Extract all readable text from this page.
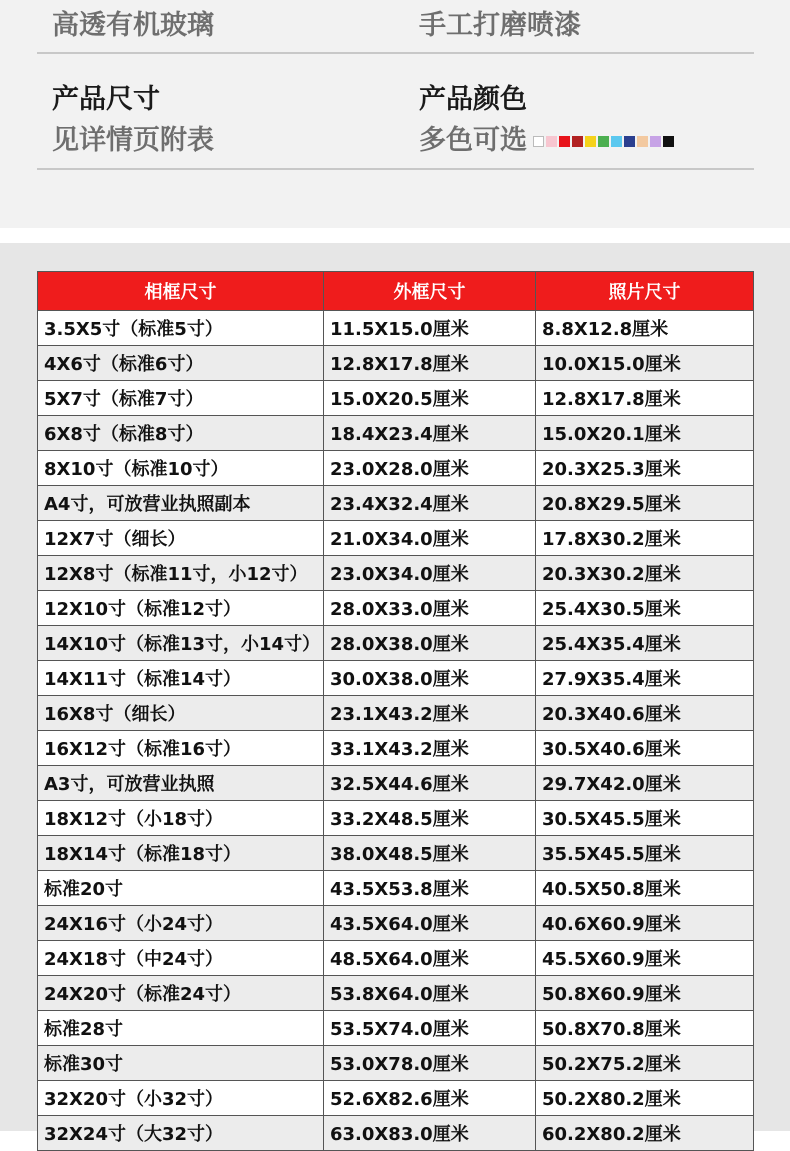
高透有机玻璃	手工打磨喷漆
产品尺寸
见详情页附表
产品颜色
多色可选
相框尺寸	外框尺寸	照片尺寸
3.5X5寸（标准5寸）	11.5X15.0厘米	8.8X12.8厘米
4X6寸（标准6寸）	12.8X17.8厘米	10.0X15.0厘米
5X7寸（标准7寸）	15.0X20.5厘米	12.8X17.8厘米
6X8寸（标准8寸）	18.4X23.4厘米	15.0X20.1厘米
8X10寸（标准10寸）	23.0X28.0厘米	20.3X25.3厘米
A4寸，可放营业执照副本	23.4X32.4厘米	20.8X29.5厘米
12X7寸（细长）	21.0X34.0厘米	17.8X30.2厘米
12X8寸（标准11寸，小12寸）	23.0X34.0厘米	20.3X30.2厘米
12X10寸（标准12寸）	28.0X33.0厘米	25.4X30.5厘米
14X10寸（标准13寸，小14寸）	28.0X38.0厘米	25.4X35.4厘米
14X11寸（标准14寸）	30.0X38.0厘米	27.9X35.4厘米
16X8寸（细长）	23.1X43.2厘米	20.3X40.6厘米
16X12寸（标准16寸）	33.1X43.2厘米	30.5X40.6厘米
A3寸，可放营业执照	32.5X44.6厘米	29.7X42.0厘米
18X12寸（小18寸）	33.2X48.5厘米	30.5X45.5厘米
18X14寸（标准18寸）	38.0X48.5厘米	35.5X45.5厘米
标准20寸	43.5X53.8厘米	40.5X50.8厘米
24X16寸（小24寸）	43.5X64.0厘米	40.6X60.9厘米
24X18寸（中24寸）	48.5X64.0厘米	45.5X60.9厘米
24X20寸（标准24寸）	53.8X64.0厘米	50.8X60.9厘米
标准28寸	53.5X74.0厘米	50.8X70.8厘米
标准30寸	53.0X78.0厘米	50.2X75.2厘米
32X20寸（小32寸）	52.6X82.6厘米	50.2X80.2厘米
32X24寸（大32寸）	63.0X83.0厘米	60.2X80.2厘米
